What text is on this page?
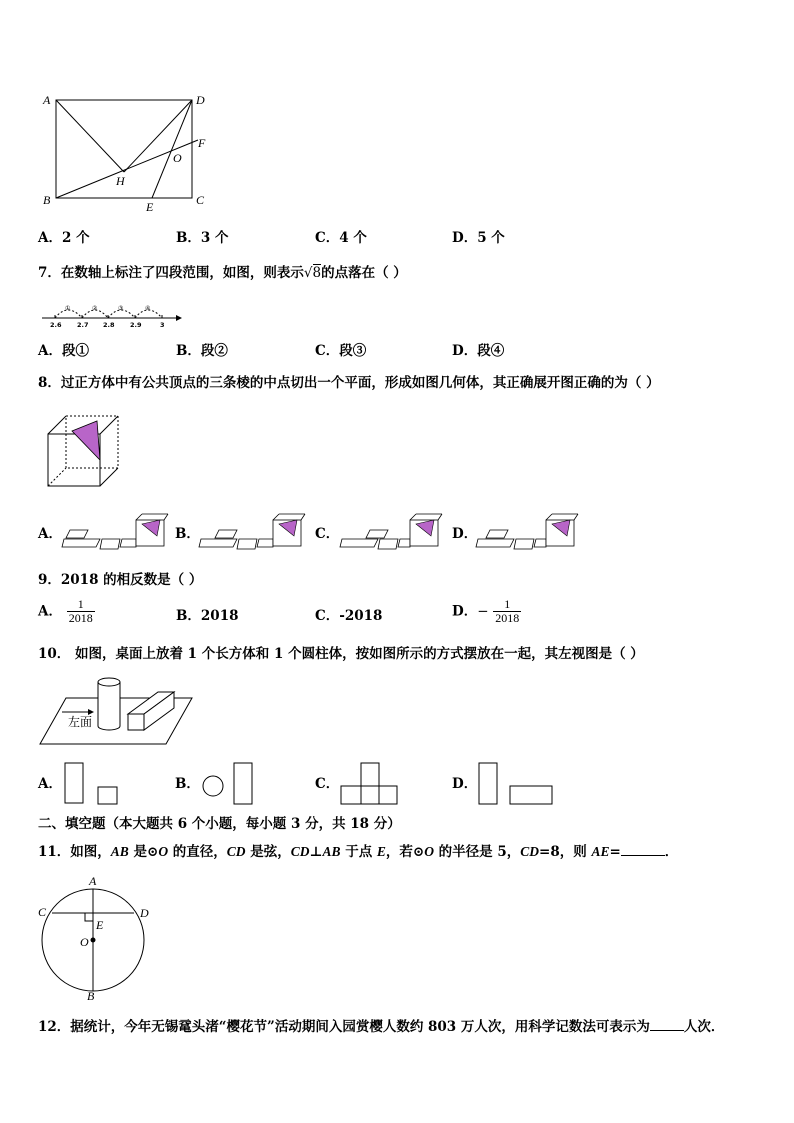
A	D
F
O
H
B	E	C
A．2 个	B．3 个	C．4 个	D．5 个
7．在数轴上标注了四段范围，如图，则表示√8的点落在（ ）
①	②	③	④
2.6 2.7 2.8 2.9	3
A．段①	B．段②	C．段③	D．段④
8．过正方体中有公共顶点的三条棱的中点切出一个平面，形成如图几何体，其正确展开图正确的为（ ）
A．	B．	C．	D．
9．2018 的相反数是（ ）
A． $\frac{1}{2018}$	B．2018	C．-2018	D．− $\frac{1}{2018}$
10． 如图，桌面上放着 1 个长方体和 1 个圆柱体，按如图所示的方式摆放在一起，其左视图是（ ）
左面
A．	B．	C．	D．
二、填空题（本大题共 6 个小题，每小题 3 分，共 18 分）
11．如图，AB 是⊙O 的直径，CD 是弦，CD⊥AB 于点 E，若⊙O 的半径是 5，CD=8，则 AE=	．
A
C	D
E
O
B
12．据统计，今年无锡鼋头渚“樱花节”活动期间入园赏樱人数约 803 万人次，用科学记数法可表示为	人次．
